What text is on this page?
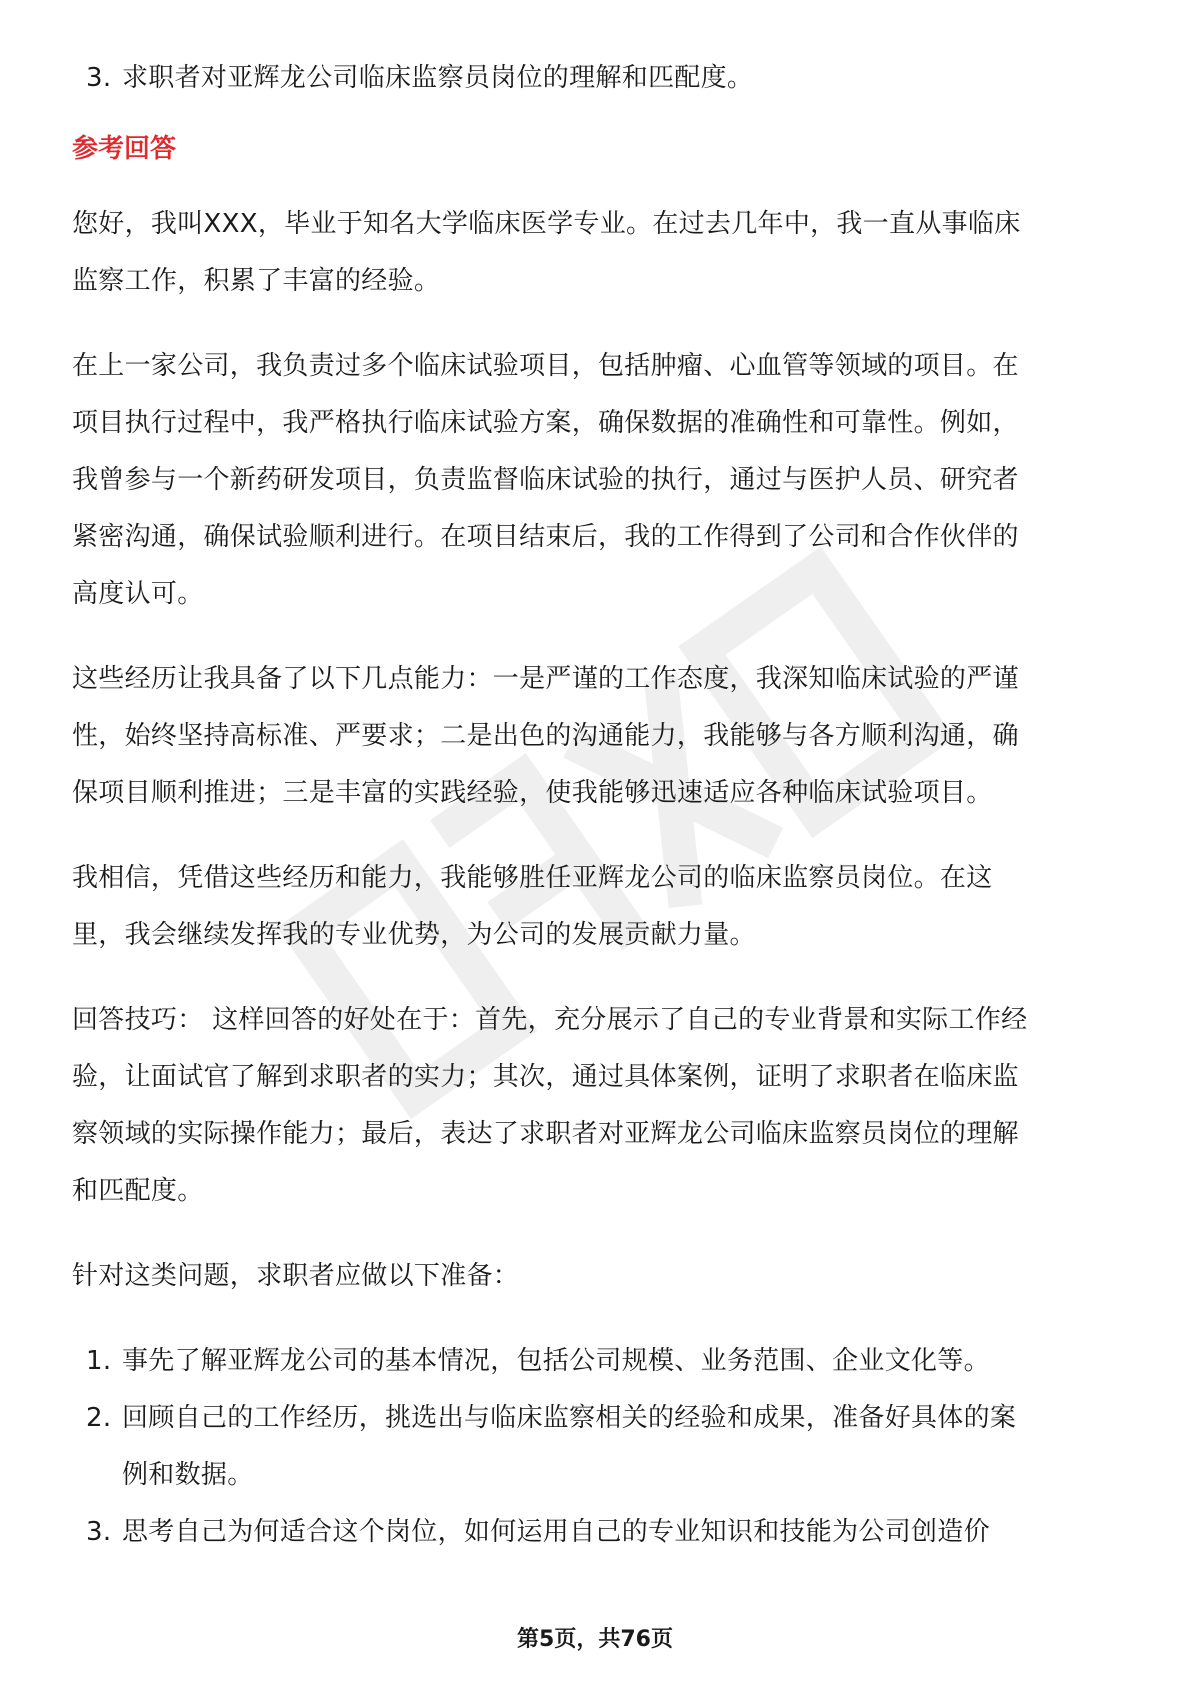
3. 求职者对亚辉龙公司临床监察员岗位的理解和匹配度。
参考回答
您好，我叫XXX，毕业于知名大学临床医学专业。在过去几年中，我一直从事临床
监察工作，积累了丰富的经验。
在上一家公司，我负责过多个临床试验项目，包括肿瘤、心血管等领域的项目。在
项目执行过程中，我严格执行临床试验方案，确保数据的准确性和可靠性。例如，
我曾参与一个新药研发项目，负责监督临床试验的执行，通过与医护人员、研究者
紧密沟通，确保试验顺利进行。在项目结束后，我的工作得到了公司和合作伙伴的
高度认可。
这些经历让我具备了以下几点能力：一是严谨的工作态度，我深知临床试验的严谨
性，始终坚持高标准、严要求；二是出色的沟通能力，我能够与各方顺利沟通，确
保项目顺利推进；三是丰富的实践经验，使我能够迅速适应各种临床试验项目。
我相信，凭借这些经历和能力，我能够胜任亚辉龙公司的临床监察员岗位。在这
里，我会继续发挥我的专业优势，为公司的发展贡献力量。
回答技巧： 这样回答的好处在于：首先，充分展示了自己的专业背景和实际工作经
验，让面试官了解到求职者的实力；其次，通过具体案例，证明了求职者在临床监
察领域的实际操作能力；最后，表达了求职者对亚辉龙公司临床监察员岗位的理解
和匹配度。
针对这类问题，求职者应做以下准备：
1. 事先了解亚辉龙公司的基本情况，包括公司规模、业务范围、企业文化等。
2. 回顾自己的工作经历，挑选出与临床监察相关的经验和成果，准备好具体的案
例和数据。
3. 思考自己为何适合这个岗位，如何运用自己的专业知识和技能为公司创造价
第5页，共76页
